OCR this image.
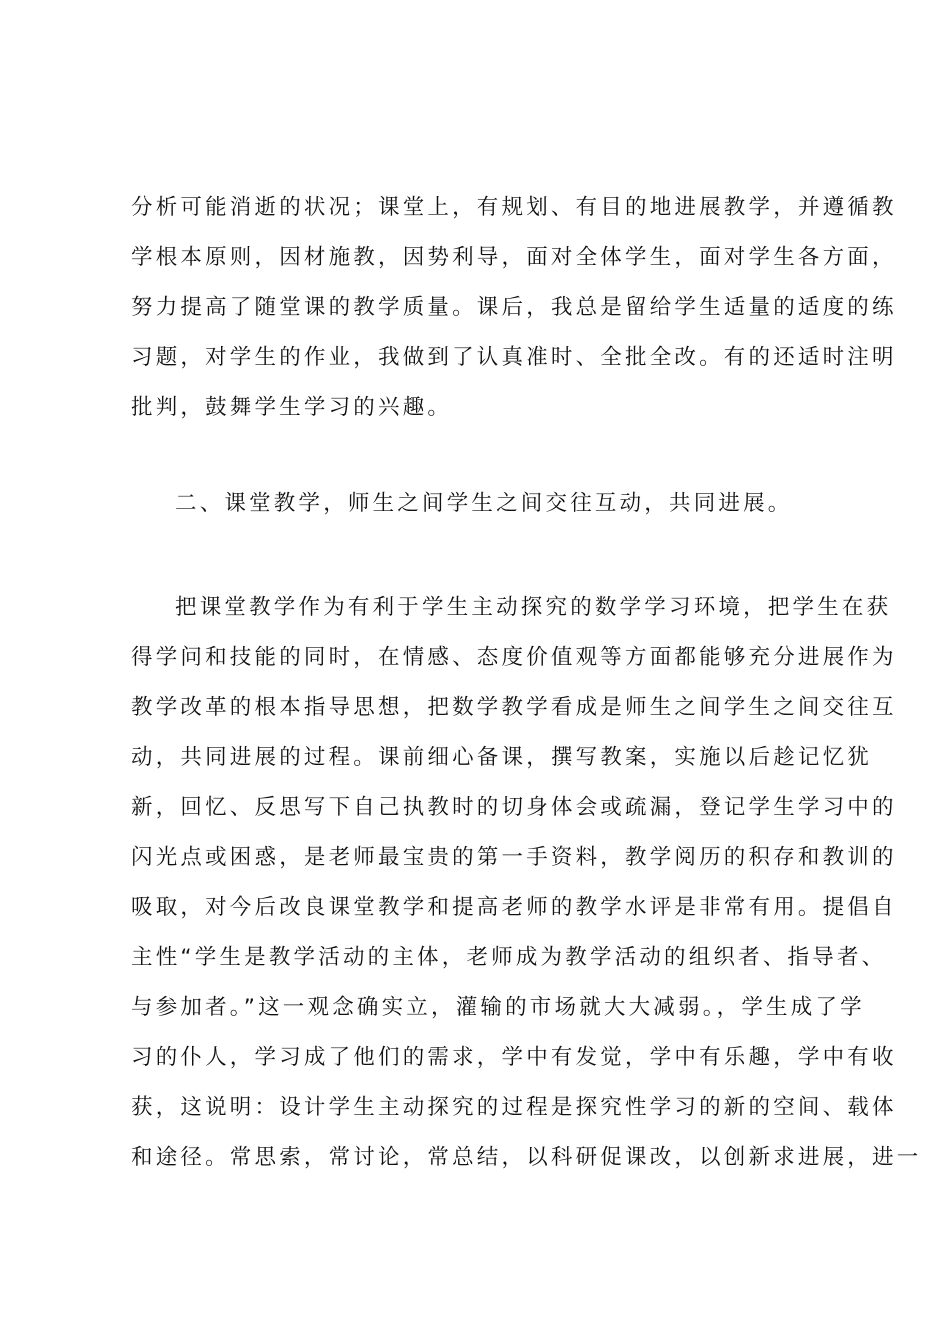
分析可能消逝的状况；课堂上，有规划、有目的地进展教学，并遵循教
学根本原则，因材施教，因势利导，面对全体学生，面对学生各方面，
努力提高了随堂课的教学质量。课后，我总是留给学生适量的适度的练
习题，对学生的作业，我做到了认真准时、全批全改。有的还适时注明
批判，鼓舞学生学习的兴趣。
二、课堂教学，师生之间学生之间交往互动，共同进展。
把课堂教学作为有利于学生主动探究的数学学习环境，把学生在获
得学问和技能的同时，在情感、态度价值观等方面都能够充分进展作为
教学改革的根本指导思想，把数学教学看成是师生之间学生之间交往互
动，共同进展的过程。课前细心备课，撰写教案，实施以后趁记忆犹
新，回忆、反思写下自己执教时的切身体会或疏漏，登记学生学习中的
闪光点或困惑，是老师最宝贵的第一手资料，教学阅历的积存和教训的
吸取，对今后改良课堂教学和提高老师的教学水评是非常有用。提倡自
主性“学生是教学活动的主体，老师成为教学活动的组织者、指导者、
与参加者。”这一观念确实立，灌输的市场就大大减弱。，学生成了学
习的仆人，学习成了他们的需求，学中有发觉，学中有乐趣，学中有收
获，这说明：设计学生主动探究的过程是探究性学习的新的空间、载体
和途径。常思索，常讨论，常总结，以科研促课改，以创新求进展，进一
